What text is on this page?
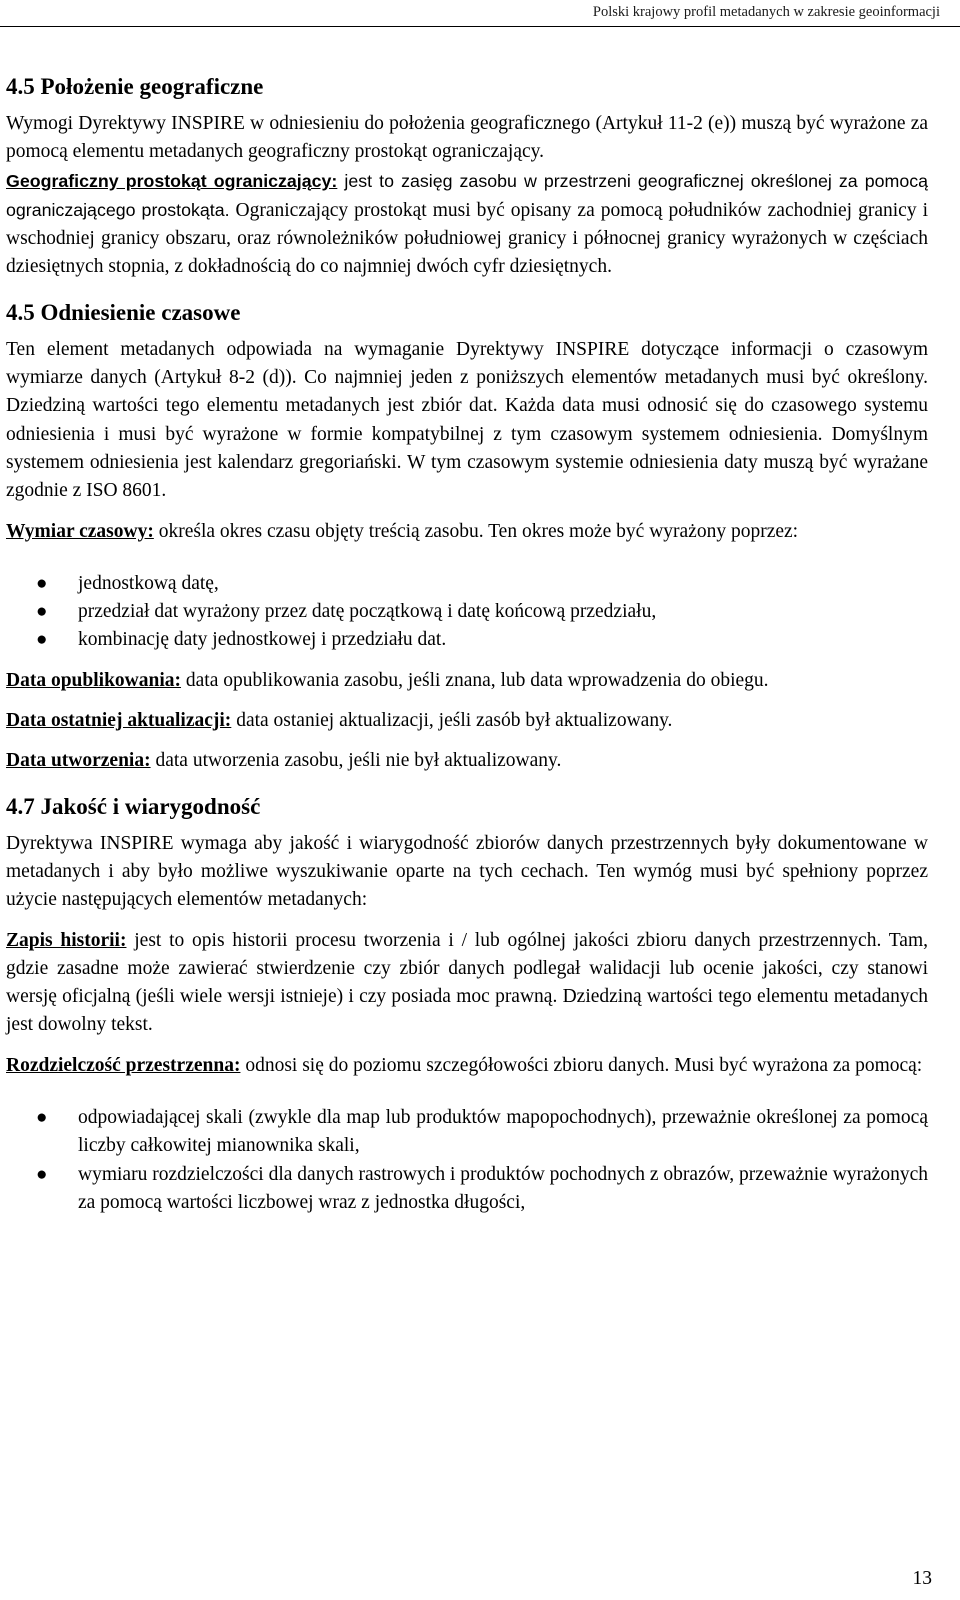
Polski krajowy profil metadanych w zakresie geoinformacji
4.5 Położenie geograficzne

Wymogi Dyrektywy INSPIRE w odniesieniu do położenia geograficznego (Artykuł 11-2 (e)) muszą być wyrażone za pomocą elementu metadanych geograficzny prostokąt ograniczający.

Geograficzny prostokąt ograniczający: jest to zasięg zasobu w przestrzeni geograficznej określonej za pomocą ograniczającego prostokąta. Ograniczający prostokąt musi być opisany za pomocą południków zachodniej granicy i wschodniej granicy obszaru, oraz równoleżników południowej granicy i północnej granicy wyrażonych w częściach dziesiętnych stopnia, z dokładnością do co najmniej dwóch cyfr dziesiętnych.

4.5 Odniesienie czasowe

Ten element metadanych odpowiada na wymaganie Dyrektywy INSPIRE dotyczące informacji o czasowym wymiarze danych (Artykuł 8-2 (d)). Co najmniej jeden z poniższych elementów metadanych musi być określony. Dziedziną wartości tego elementu metadanych jest zbiór dat. Każda data musi odnosić się do czasowego systemu odniesienia i musi być wyrażone w formie kompatybilnej z tym czasowym systemem odniesienia. Domyślnym systemem odniesienia jest kalendarz gregoriański. W tym czasowym systemie odniesienia daty muszą być wyrażane zgodnie z ISO 8601.

Wymiar czasowy: określa okres czasu objęty treścią zasobu. Ten okres może być wyrażony poprzez:

● jednostkową datę,
● przedział dat wyrażony przez datę początkową i datę końcową przedziału,
● kombinację daty jednostkowej i przedziału dat.

Data opublikowania: data opublikowania zasobu, jeśli znana, lub data wprowadzenia do obiegu.

Data ostatniej aktualizacji: data ostaniej aktualizacji, jeśli zasób był aktualizowany.

Data utworzenia: data utworzenia zasobu, jeśli nie był aktualizowany.

4.7 Jakość i wiarygodność

Dyrektywa INSPIRE wymaga aby jakość i wiarygodność zbiorów danych przestrzennych były dokumentowane w metadanych i aby było możliwe wyszukiwanie oparte na tych cechach. Ten wymóg musi być spełniony poprzez użycie następujących elementów metadanych:

Zapis historii: jest to opis historii procesu tworzenia i / lub ogólnej jakości zbioru danych przestrzennych. Tam, gdzie zasadne może zawierać stwierdzenie czy zbiór danych podlegał walidacji lub ocenie jakości, czy stanowi wersję oficjalną (jeśli wiele wersji istnieje) i czy posiada moc prawną. Dziedziną wartości tego elementu metadanych jest dowolny tekst.

Rozdzielczość przestrzenna: odnosi się do poziomu szczegółowości zbioru danych. Musi być wyrażona za pomocą:

● odpowiadającej skali (zwykle dla map lub produktów mapopochodnych), przeważnie określonej za pomocą liczby całkowitej mianownika skali,
● wymiaru rozdzielczości dla danych rastrowych i produktów pochodnych z obrazów, przeważnie wyrażonych za pomocą wartości liczbowej wraz z jednostka długości,
13
